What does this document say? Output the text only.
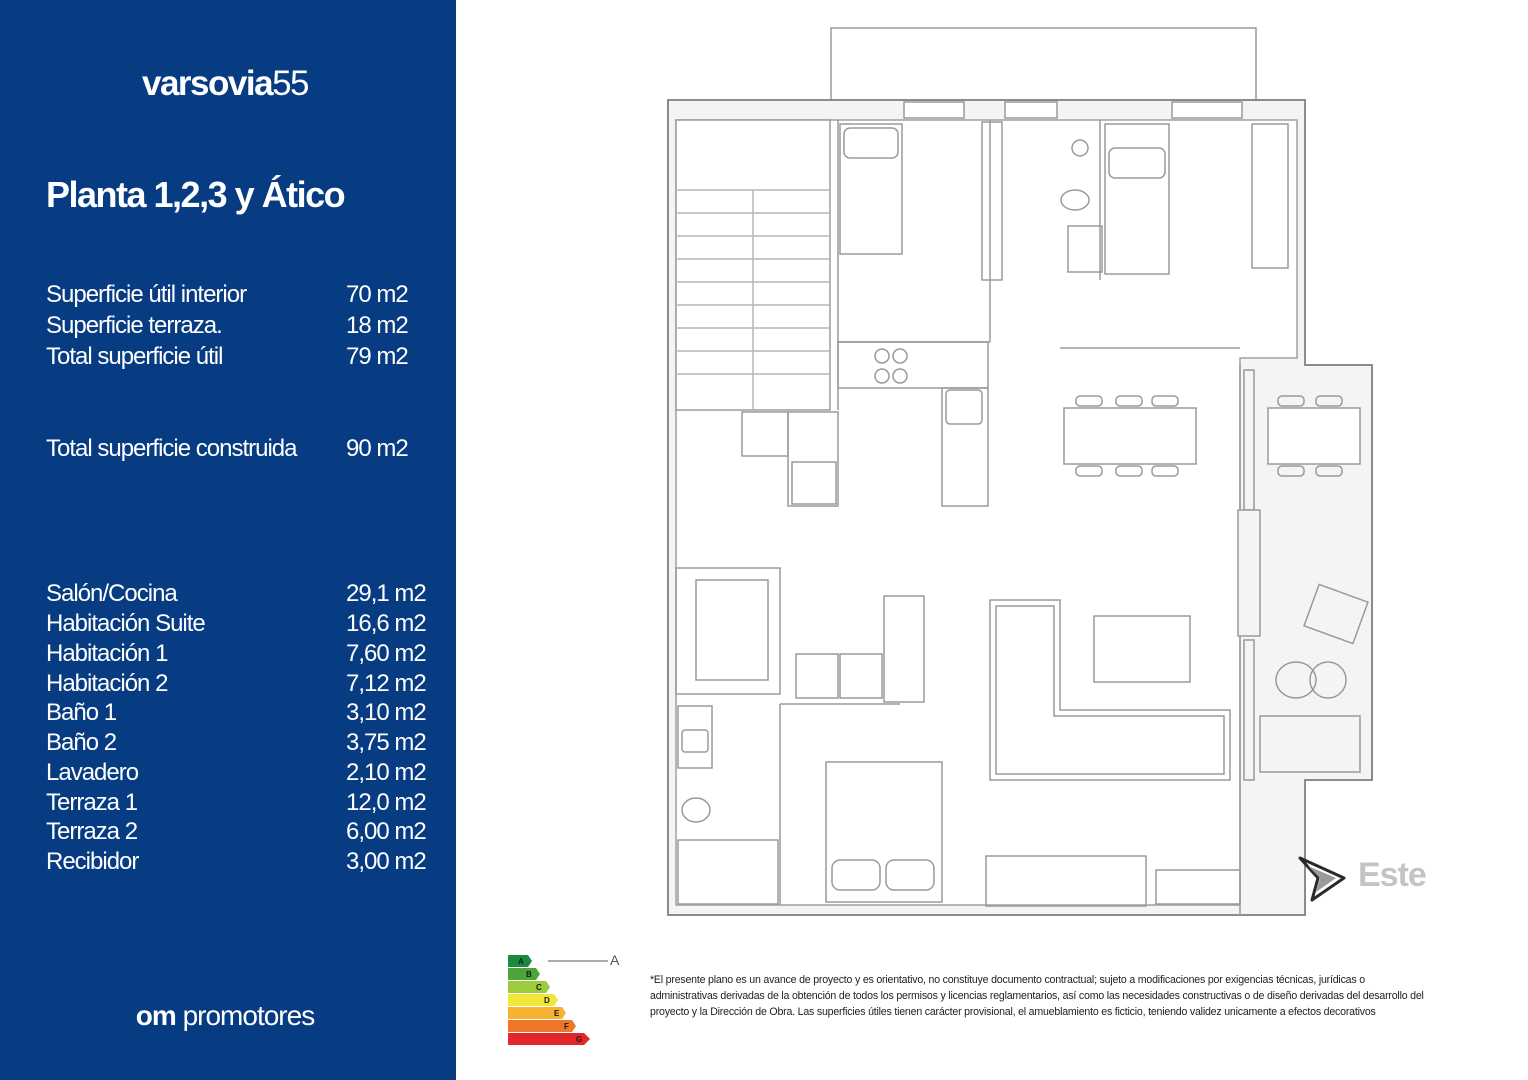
varsovia55
Planta 1,2,3 y Ático
Superficie útil interior	70 m2
Superficie terraza.	18 m2
Total superficie útil	79 m2
Total superficie construida 90 m2
Salón/Cocina	29,1 m2
Habitación Suite	16,6 m2
Habitación 1	7,60 m2
Habitación 2	7,12 m2
Baño 1	3,10 m2
Baño 2	3,75 m2
Lavadero	2,10 m2
Terraza 1	12,0 m2
Terraza 2	6,00 m2
Recibidor	3,00 m2
om promotores
Este
A
B
C
D
E
F
G
A
*El presente plano es un avance de proyecto y es orientativo, no constituye documento contractual; sujeto a modificaciones por exigencias técnicas, jurídicas o administrativas derivadas de la obtención de todos los permisos y licencias reglamentarios, así como las necesidades constructivas o de diseño derivadas del desarrollo del proyecto y la Dirección de Obra. Las superficies útiles tienen carácter provisional, el amueblamiento es ficticio, teniendo validez unicamente a efectos decorativos
